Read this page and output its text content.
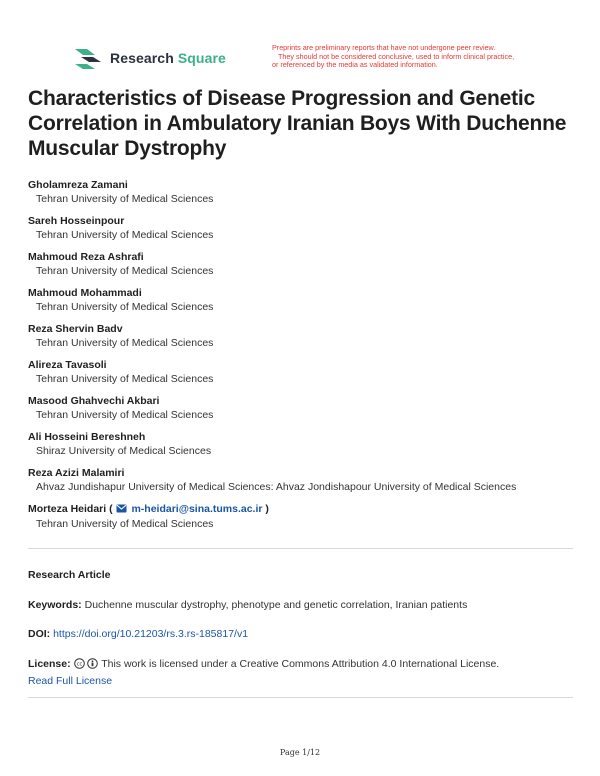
Research Square
Preprints are preliminary reports that have not undergone peer review.
They should not be considered conclusive, used to inform clinical practice,
or referenced by the media as validated information.
Characteristics of Disease Progression and Genetic Correlation in Ambulatory Iranian Boys With Duchenne Muscular Dystrophy
Gholamreza Zamani
Tehran University of Medical Sciences
Sareh Hosseinpour
Tehran University of Medical Sciences
Mahmoud Reza Ashrafi
Tehran University of Medical Sciences
Mahmoud Mohammadi
Tehran University of Medical Sciences
Reza Shervin Badv
Tehran University of Medical Sciences
Alireza Tavasoli
Tehran University of Medical Sciences
Masood Ghahvechi Akbari
Tehran University of Medical Sciences
Ali Hosseini Bereshneh
Shiraz University of Medical Sciences
Reza Azizi Malamiri
Ahvaz Jundishapur University of Medical Sciences: Ahvaz Jondishapour University of Medical Sciences
Morteza Heidari ( m-heidari@sina.tums.ac.ir )
Tehran University of Medical Sciences
Research Article
Keywords: Duchenne muscular dystrophy, phenotype and genetic correlation, Iranian patients
DOI: https://doi.org/10.21203/rs.3.rs-185817/v1
License: cc This work is licensed under a Creative Commons Attribution 4.0 International License.
Read Full License
Page 1/12
